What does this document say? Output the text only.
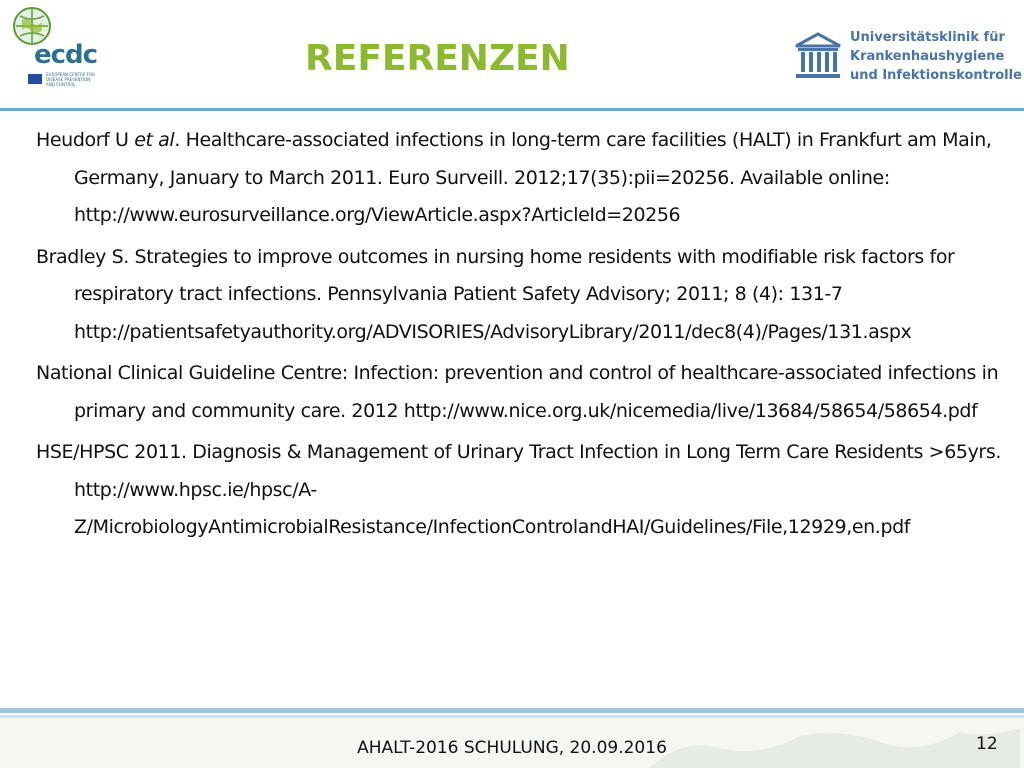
ecdc
EUROPEAN CENTRE FOR DISEASE PREVENTION AND CONTROL
REFERENZEN
Universitätsklinik für
Krankenhaushygiene
und Infektionskontrolle

Heudorf U et al. Healthcare-associated infections in long-term care facilities (HALT) in Frankfurt am Main, Germany, January to March 2011. Euro Surveill. 2012;17(35):pii=20256. Available online: http://www.eurosurveillance.org/ViewArticle.aspx?ArticleId=20256

Bradley S. Strategies to improve outcomes in nursing home residents with modifiable risk factors for respiratory tract infections. Pennsylvania Patient Safety Advisory; 2011; 8 (4): 131-7 http://patientsafetyauthority.org/ADVISORIES/AdvisoryLibrary/2011/dec8(4)/Pages/131.aspx

National Clinical Guideline Centre: Infection: prevention and control of healthcare-associated infections in primary and community care. 2012 http://www.nice.org.uk/nicemedia/live/13684/58654/58654.pdf

HSE/HPSC 2011. Diagnosis & Management of Urinary Tract Infection in Long Term Care Residents >65yrs. http://www.hpsc.ie/hpsc/A-Z/MicrobiologyAntimicrobialResistance/InfectionControlandHAI/Guidelines/File,12929,en.pdf

AHALT-2016 SCHULUNG, 20.09.2016	12
